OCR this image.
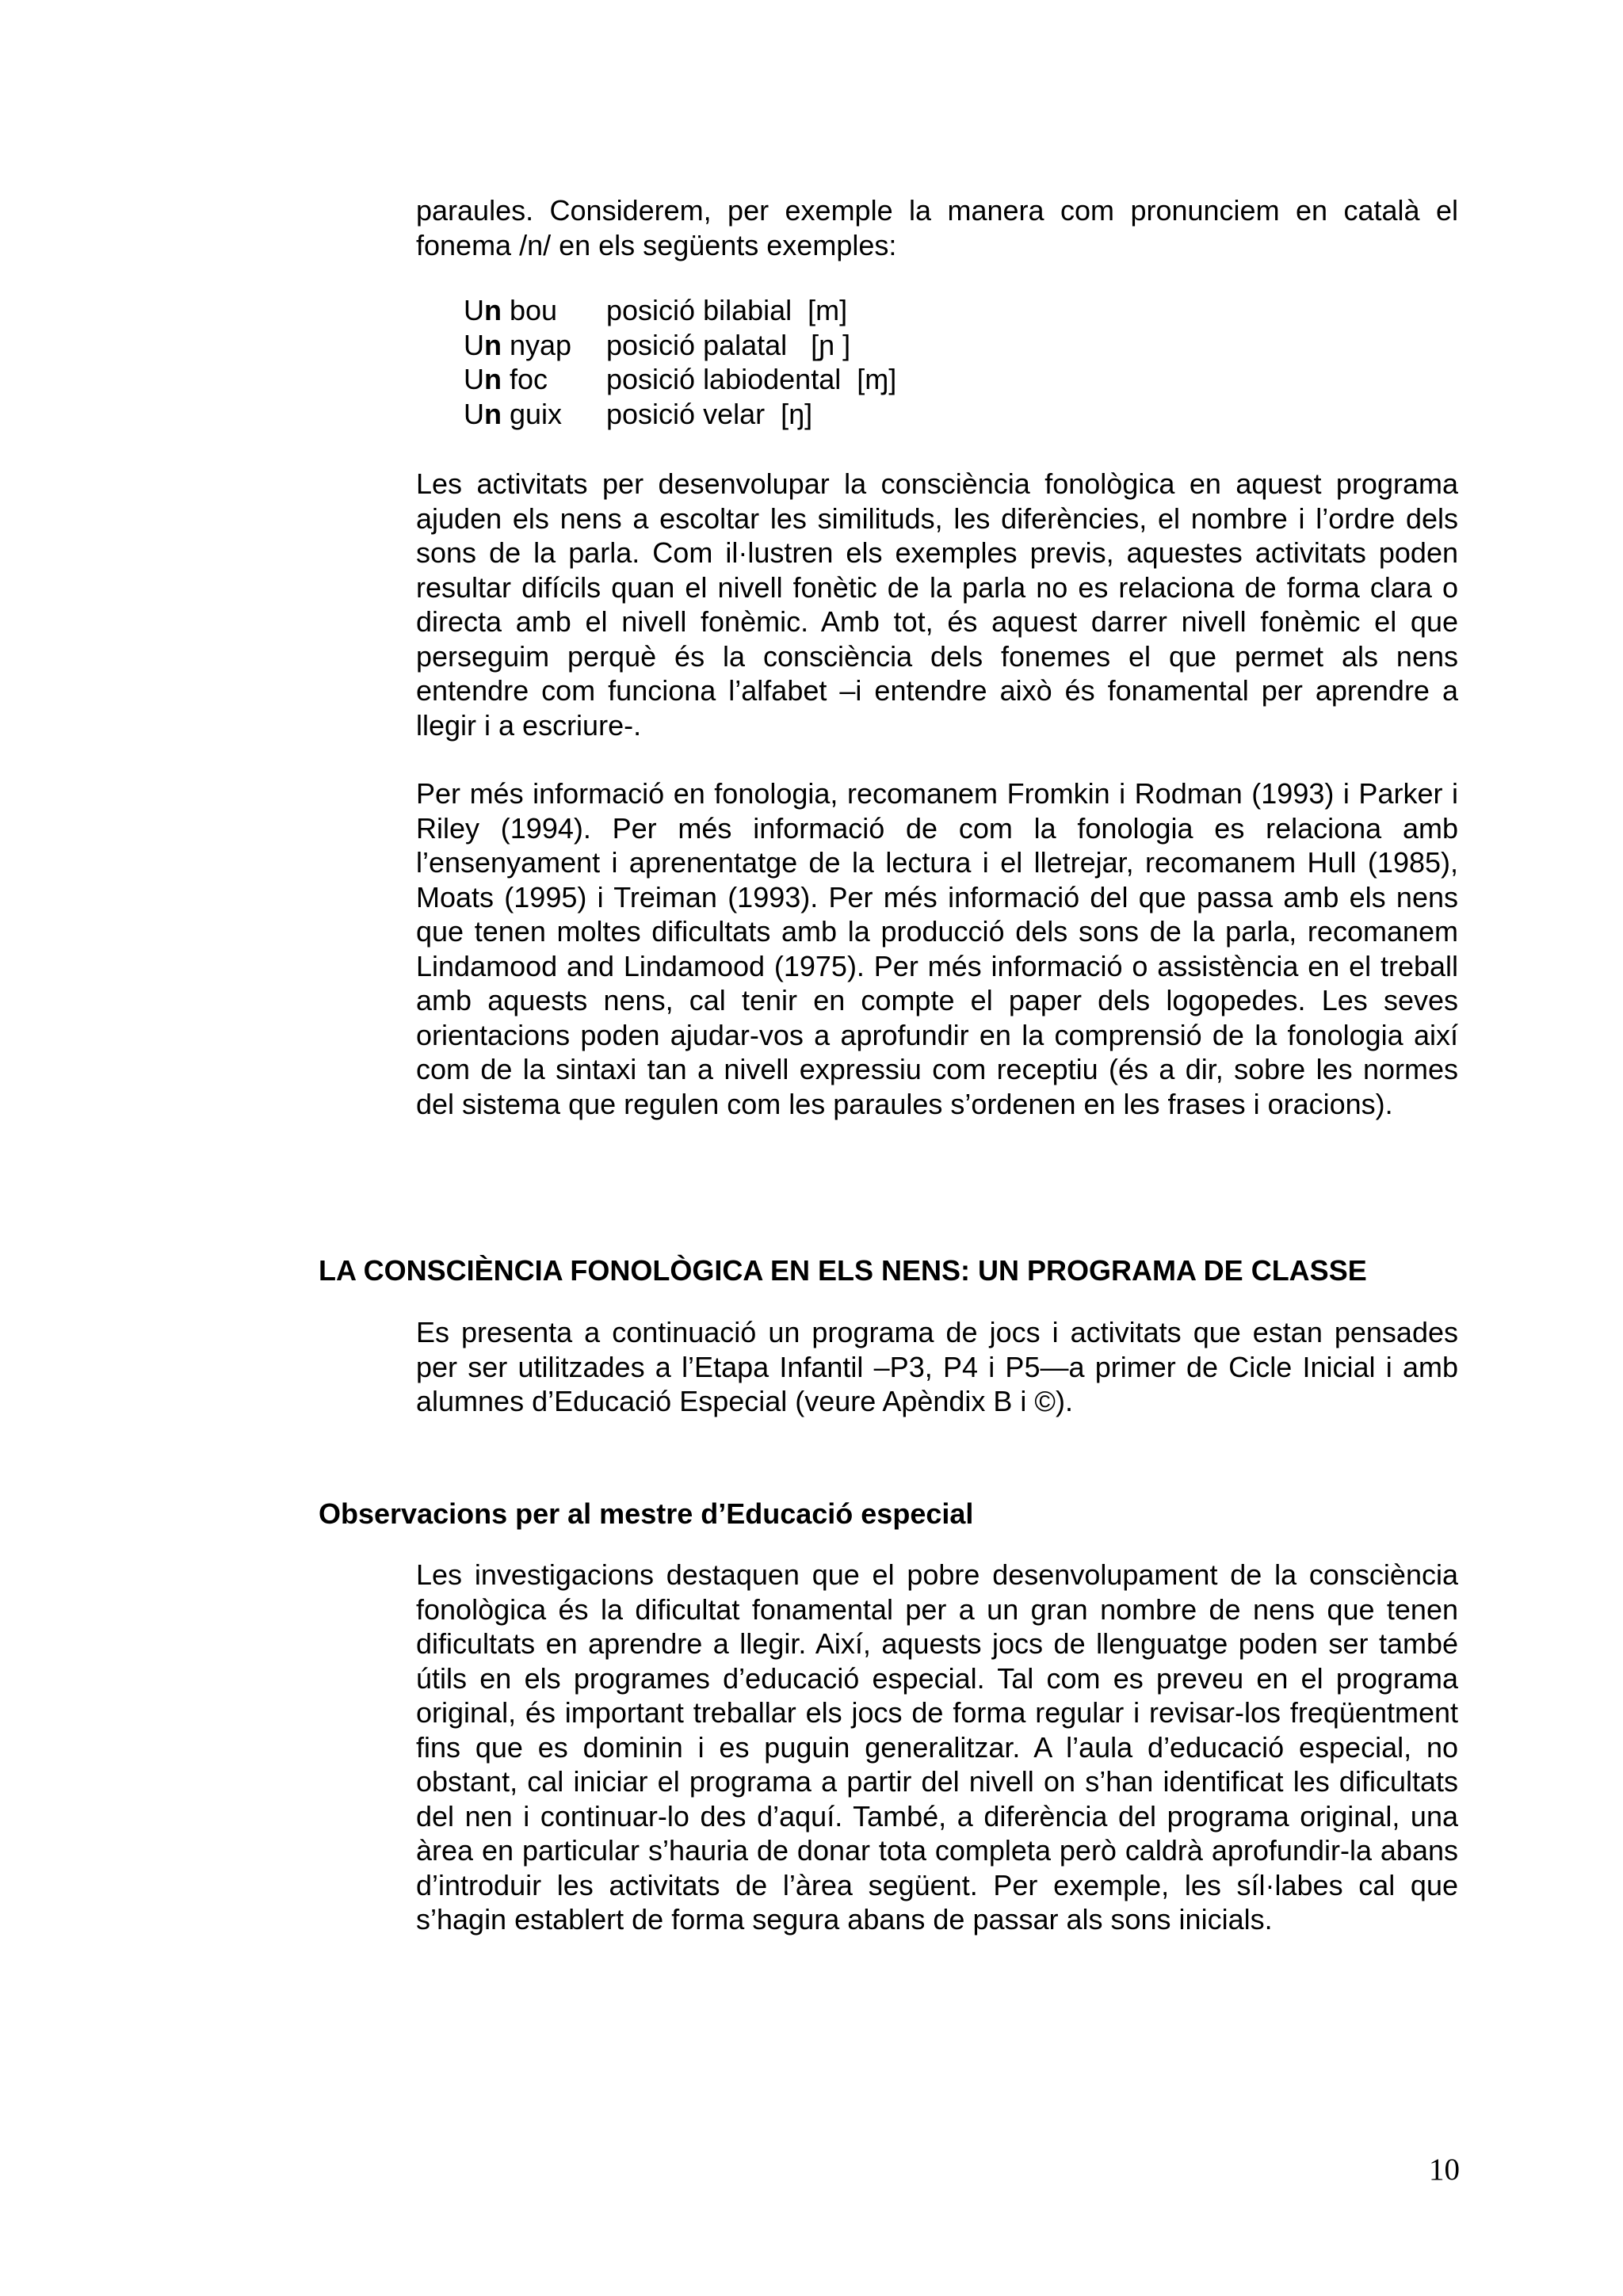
paraules. Considerem, per exemple la manera com pronunciem en català el fonema /n/ en els següents exemples:

Un bou	posició bilabial  [m]
Un nyap	posició palatal   [ɲ ]
Un foc	posició labiodental  [ɱ]
Un guix	posició velar  [ŋ]

Les activitats per desenvolupar la consciència fonològica en aquest programa ajuden els nens a escoltar les similituds, les diferències, el nombre i l’ordre dels sons de la parla. Com il·lustren els exemples previs, aquestes activitats poden resultar difícils quan el nivell fonètic de la parla no es relaciona de forma clara o directa amb el nivell fonèmic. Amb tot, és aquest darrer nivell fonèmic el que perseguim perquè és la consciència dels fonemes el que permet als nens entendre com funciona l’alfabet –i entendre això és fonamental per aprendre a llegir i a escriure-.

Per més informació en fonologia, recomanem Fromkin i Rodman (1993) i Parker i Riley (1994). Per més informació de com la fonologia es relaciona amb l’ensenyament i aprenentatge de la lectura i el lletrejar, recomanem Hull (1985), Moats (1995) i Treiman (1993). Per més informació del que passa amb els nens que tenen moltes dificultats amb la producció dels sons de la parla, recomanem Lindamood and Lindamood (1975). Per més informació o assistència en el treball amb aquests nens, cal tenir en compte el paper dels logopedes. Les seves orientacions poden ajudar-vos a aprofundir en la comprensió de la fonologia així com de la sintaxi tan a nivell expressiu com receptiu (és a dir, sobre les normes del sistema que regulen com les paraules s’ordenen en les frases i oracions).

LA CONSCIÈNCIA FONOLÒGICA EN ELS NENS: UN PROGRAMA DE CLASSE

Es presenta a continuació un programa de jocs i activitats que estan pensades per ser utilitzades a l’Etapa Infantil –P3, P4 i P5—a primer de Cicle Inicial i amb alumnes d’Educació Especial (veure Apèndix B i ©).

Observacions per al mestre d’Educació especial

Les investigacions destaquen que el pobre desenvolupament de la consciència fonològica és la dificultat fonamental per a un gran nombre de nens que tenen dificultats en aprendre a llegir. Així, aquests jocs de llenguatge poden ser també útils en els programes d’educació especial. Tal com es preveu en el programa original, és important treballar els jocs de forma regular i revisar-los freqüentment fins que es dominin i es puguin generalitzar. A l’aula d’educació especial, no obstant, cal iniciar el programa a partir del nivell on s’han identificat les dificultats del nen i continuar-lo des d’aquí. També, a diferència del programa original, una àrea en particular s’hauria de donar tota completa però caldrà aprofundir-la abans d’introduir les activitats de l’àrea següent. Per exemple, les síl·labes cal que s’hagin establert de forma segura abans de passar als sons inicials.

10
